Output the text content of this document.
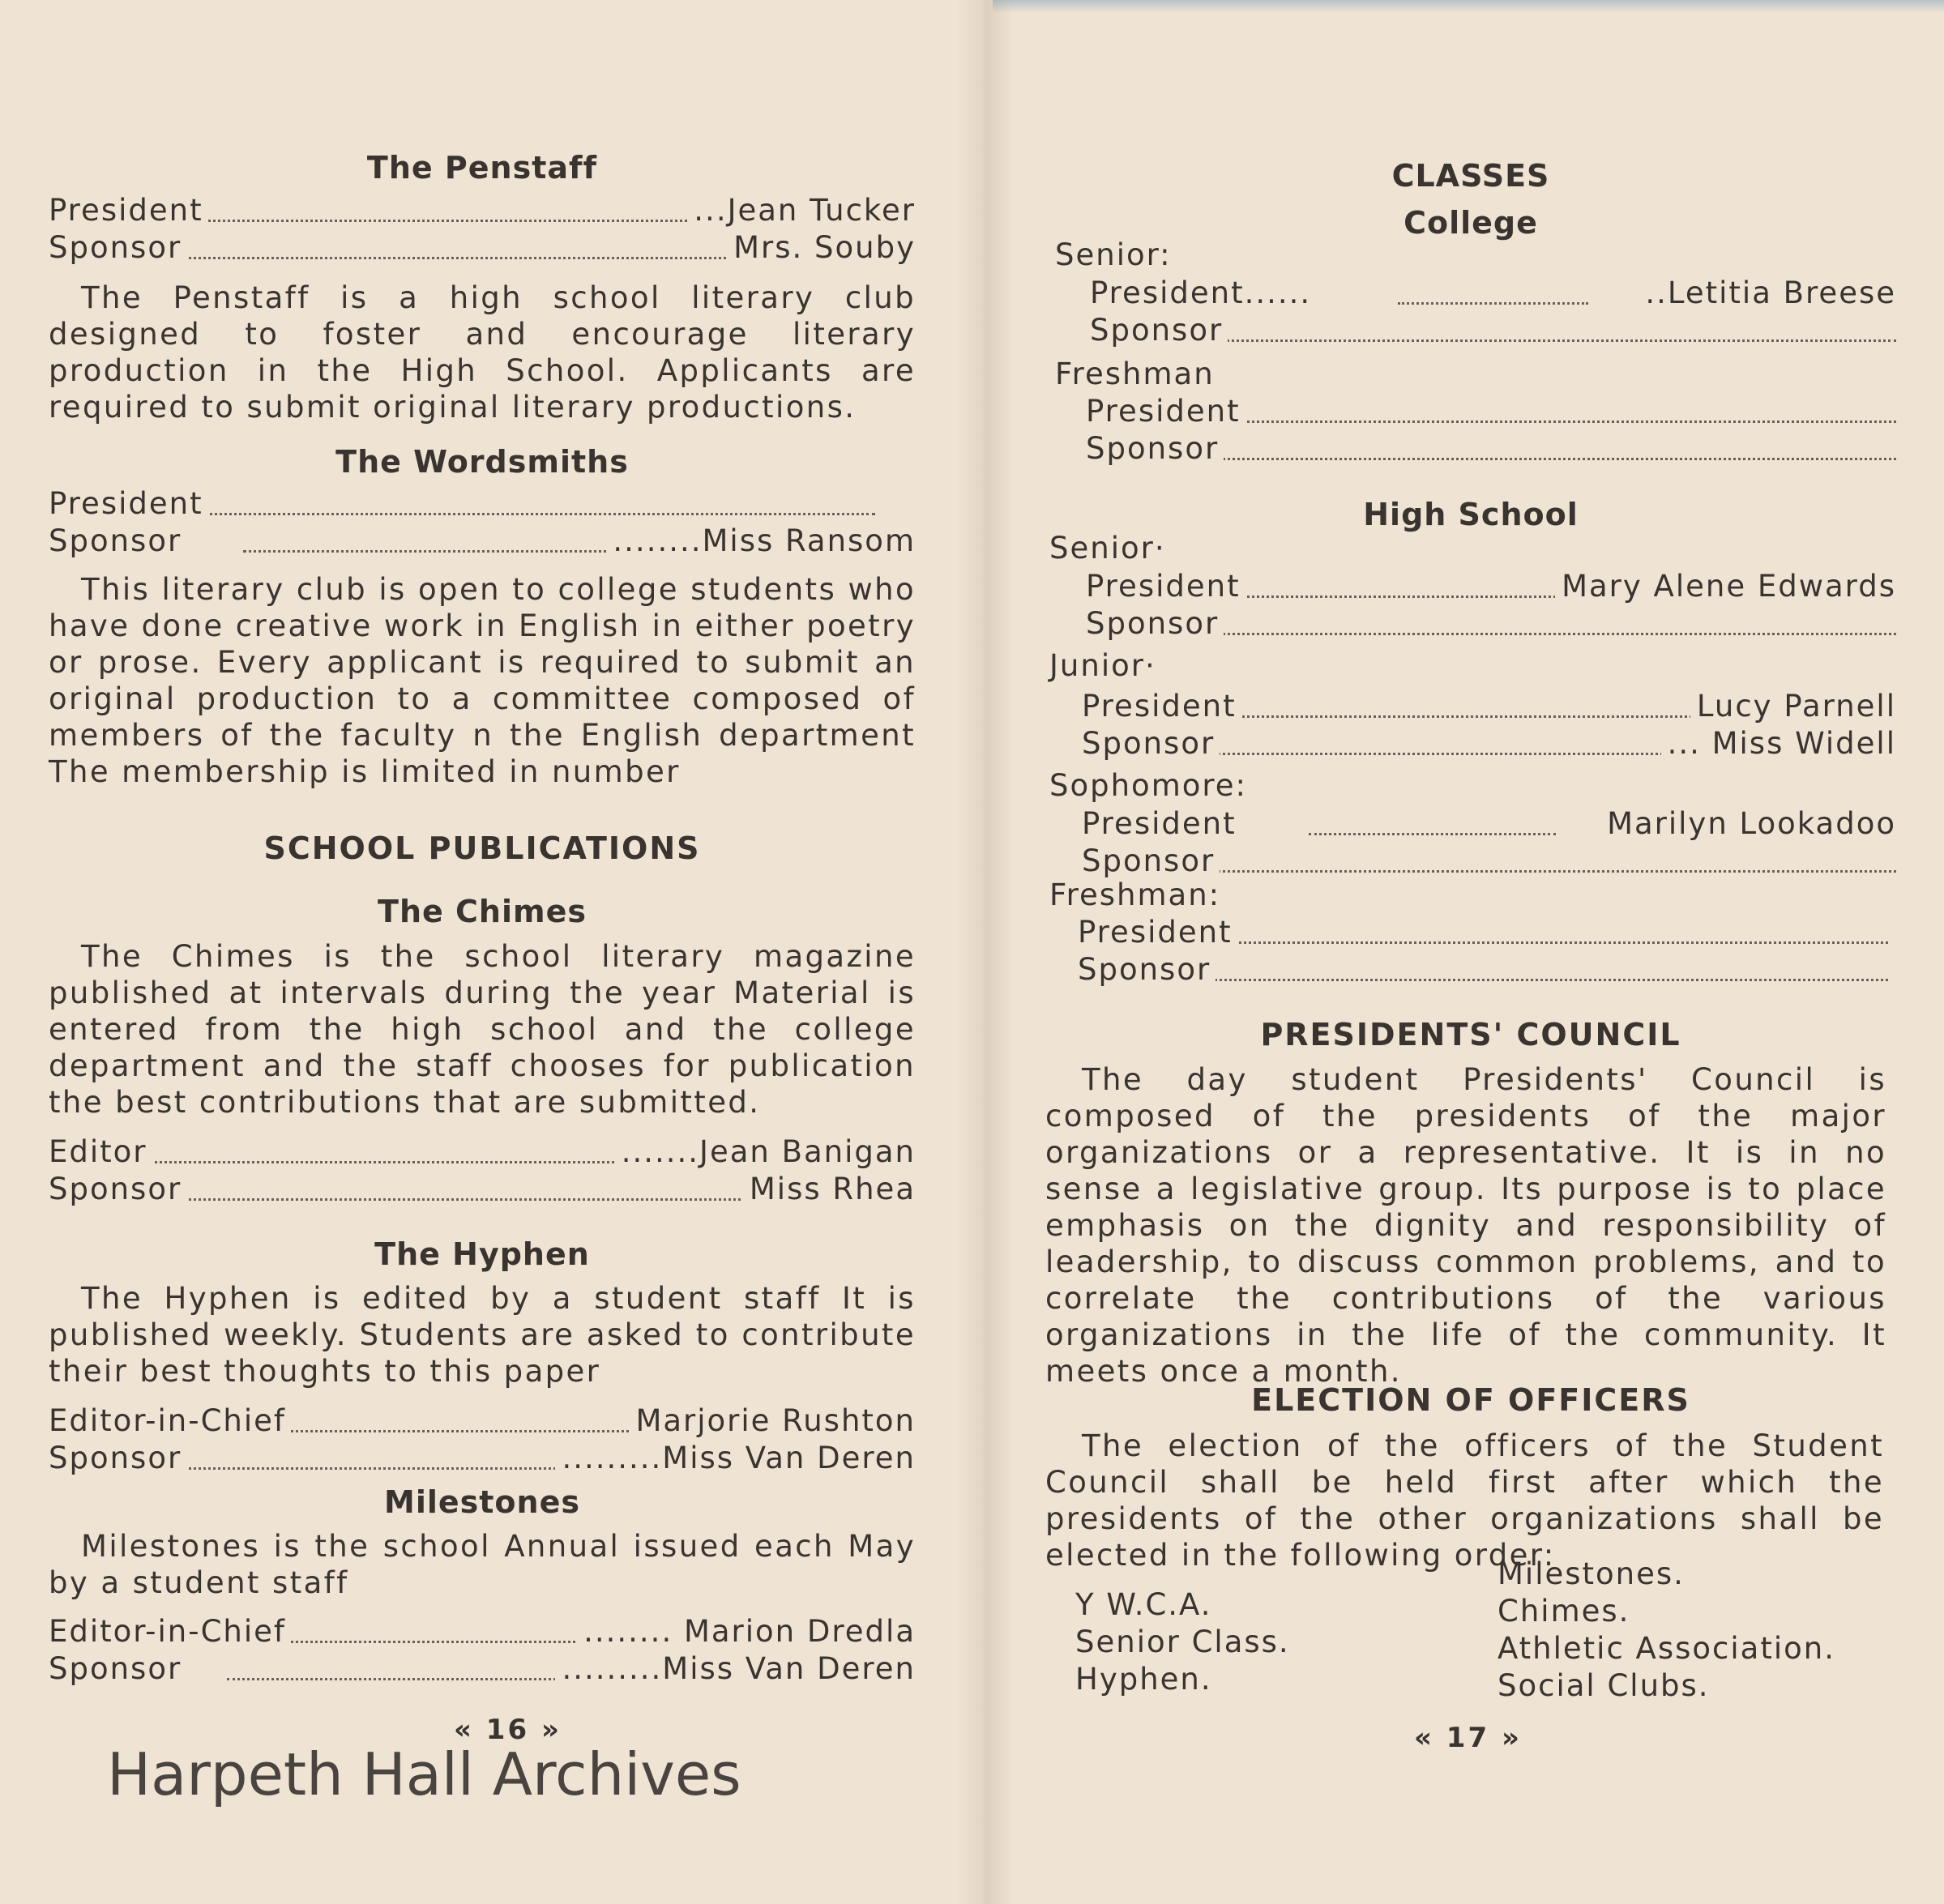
The Penstaff
President	...Jean Tucker
Sponsor	Mrs. Souby
The Penstaff is a high school literary club designed to foster and encourage literary production in the High School. Applicants are required to submit original literary productions.
The Wordsmiths
President
Sponsor	........Miss Ransom
This literary club is open to college students who have done creative work in English in either poetry or prose. Every applicant is required to submit an original production to a committee composed of members of the faculty n the English department The membership is limited in number
SCHOOL PUBLICATIONS
The Chimes
The Chimes is the school literary magazine published at intervals during the year Material is entered from the high school and the college department and the staff chooses for publication the best contributions that are submitted.
Editor	.......Jean Banigan
Sponsor	Miss Rhea
The Hyphen
The Hyphen is edited by a student staff It is published weekly. Students are asked to contribute their best thoughts to this paper
Editor-in-Chief	Marjorie Rushton
Sponsor	.........Miss Van Deren
Milestones
Milestones is the school Annual issued each May by a student staff
Editor-in-Chief	........ Marion Dredla
Sponsor	.........Miss Van Deren
« 16 »
Harpeth Hall Archives
CLASSES
College
Senior:
President......	..Letitia Breese
Sponsor
Freshman
President
Sponsor
High School
Senior·
President	Mary Alene Edwards
Sponsor
Junior·
President	Lucy Parnell
Sponsor	... Miss Widell
Sophomore:
President	Marilyn Lookadoo
Sponsor
Freshman:
President
Sponsor
PRESIDENTS' COUNCIL
The day student Presidents' Council is composed of the presidents of the major organizations or a representative. It is in no sense a legislative group. Its purpose is to place emphasis on the dignity and responsibility of leadership, to discuss common problems, and to correlate the contributions of the various organizations in the life of the community. It meets once a month.
ELECTION OF OFFICERS
The election of the officers of the Student Council shall be held first after which the presidents of the other organizations shall be elected in the following order:
Y W.C.A.
Senior Class.
Hyphen.
Milestones.
Chimes.
Athletic Association.
Social Clubs.
« 17 »
